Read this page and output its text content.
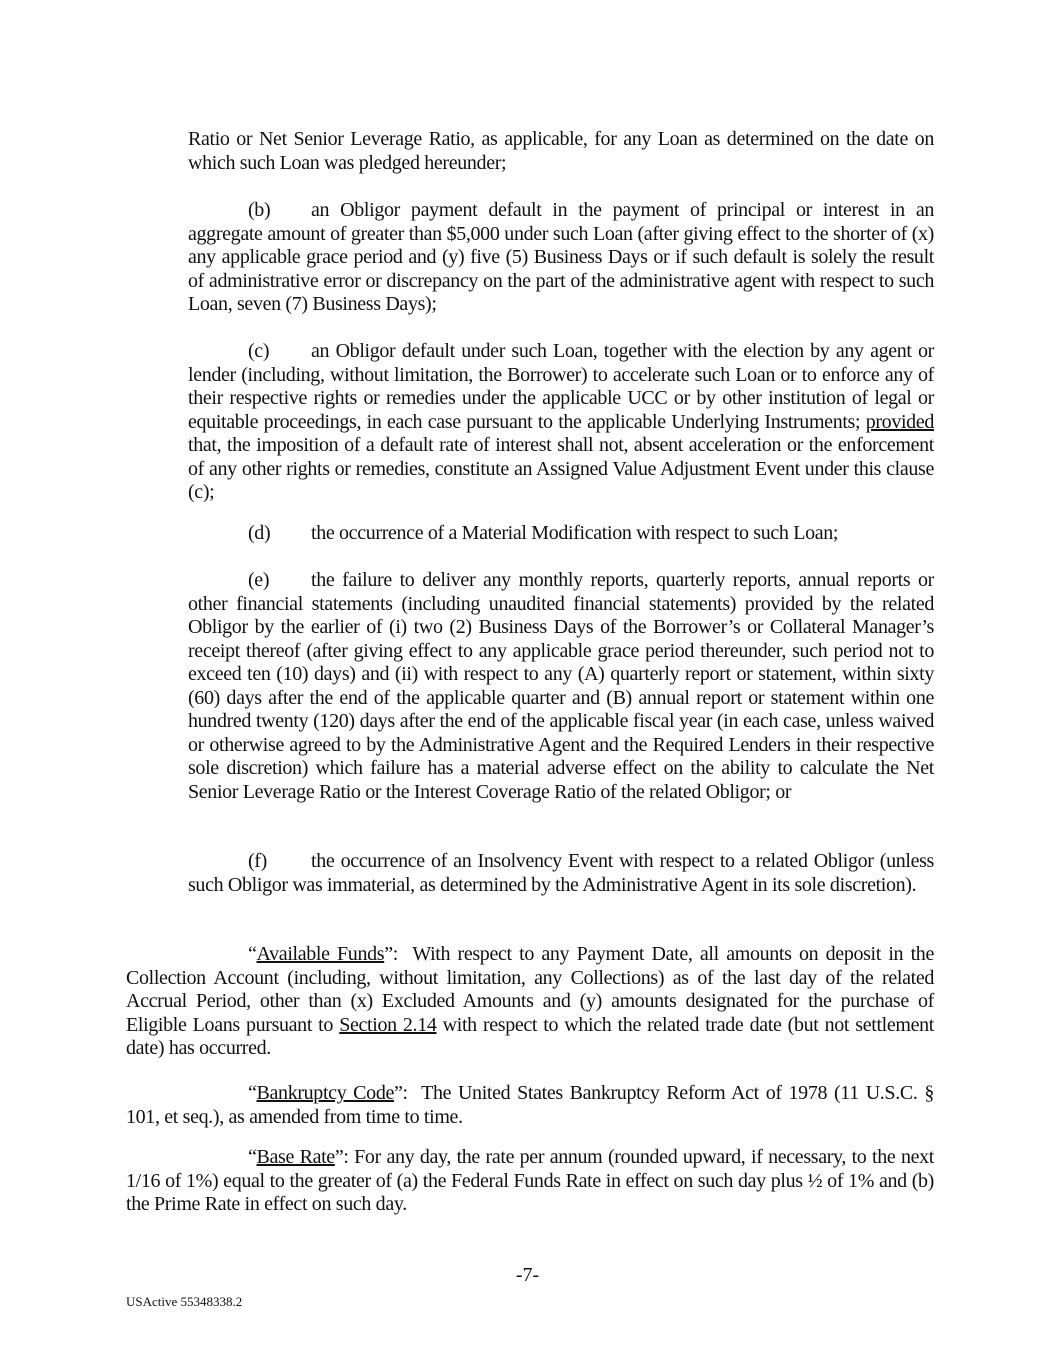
Ratio or Net Senior Leverage Ratio, as applicable, for any Loan as determined on the date on which such Loan was pledged hereunder;

(b) an Obligor payment default in the payment of principal or interest in an aggregate amount of greater than $5,000 under such Loan (after giving effect to the shorter of (x) any applicable grace period and (y) five (5) Business Days or if such default is solely the result of administrative error or discrepancy on the part of the administrative agent with respect to such Loan, seven (7) Business Days);

(c) an Obligor default under such Loan, together with the election by any agent or lender (including, without limitation, the Borrower) to accelerate such Loan or to enforce any of their respective rights or remedies under the applicable UCC or by other institution of legal or equitable proceedings, in each case pursuant to the applicable Underlying Instruments; provided that, the imposition of a default rate of interest shall not, absent acceleration or the enforcement of any other rights or remedies, constitute an Assigned Value Adjustment Event under this clause (c);

(d) the occurrence of a Material Modification with respect to such Loan;

(e) the failure to deliver any monthly reports, quarterly reports, annual reports or other financial statements (including unaudited financial statements) provided by the related Obligor by the earlier of (i) two (2) Business Days of the Borrower’s or Collateral Manager’s receipt thereof (after giving effect to any applicable grace period thereunder, such period not to exceed ten (10) days) and (ii) with respect to any (A) quarterly report or statement, within sixty (60) days after the end of the applicable quarter and (B) annual report or statement within one hundred twenty (120) days after the end of the applicable fiscal year (in each case, unless waived or otherwise agreed to by the Administrative Agent and the Required Lenders in their respective sole discretion) which failure has a material adverse effect on the ability to calculate the Net Senior Leverage Ratio or the Interest Coverage Ratio of the related Obligor; or

(f) the occurrence of an Insolvency Event with respect to a related Obligor (unless such Obligor was immaterial, as determined by the Administrative Agent in its sole discretion).

“Available Funds”:  With respect to any Payment Date, all amounts on deposit in the Collection Account (including, without limitation, any Collections) as of the last day of the related Accrual Period, other than (x) Excluded Amounts and (y) amounts designated for the purchase of Eligible Loans pursuant to Section 2.14 with respect to which the related trade date (but not settlement date) has occurred.

“Bankruptcy Code”:  The United States Bankruptcy Reform Act of 1978 (11 U.S.C. § 101, et seq.), as amended from time to time.

“Base Rate”: For any day, the rate per annum (rounded upward, if necessary, to the next 1/16 of 1%) equal to the greater of (a) the Federal Funds Rate in effect on such day plus ½ of 1% and (b) the Prime Rate in effect on such day.

-7-
USActive 55348338.2
